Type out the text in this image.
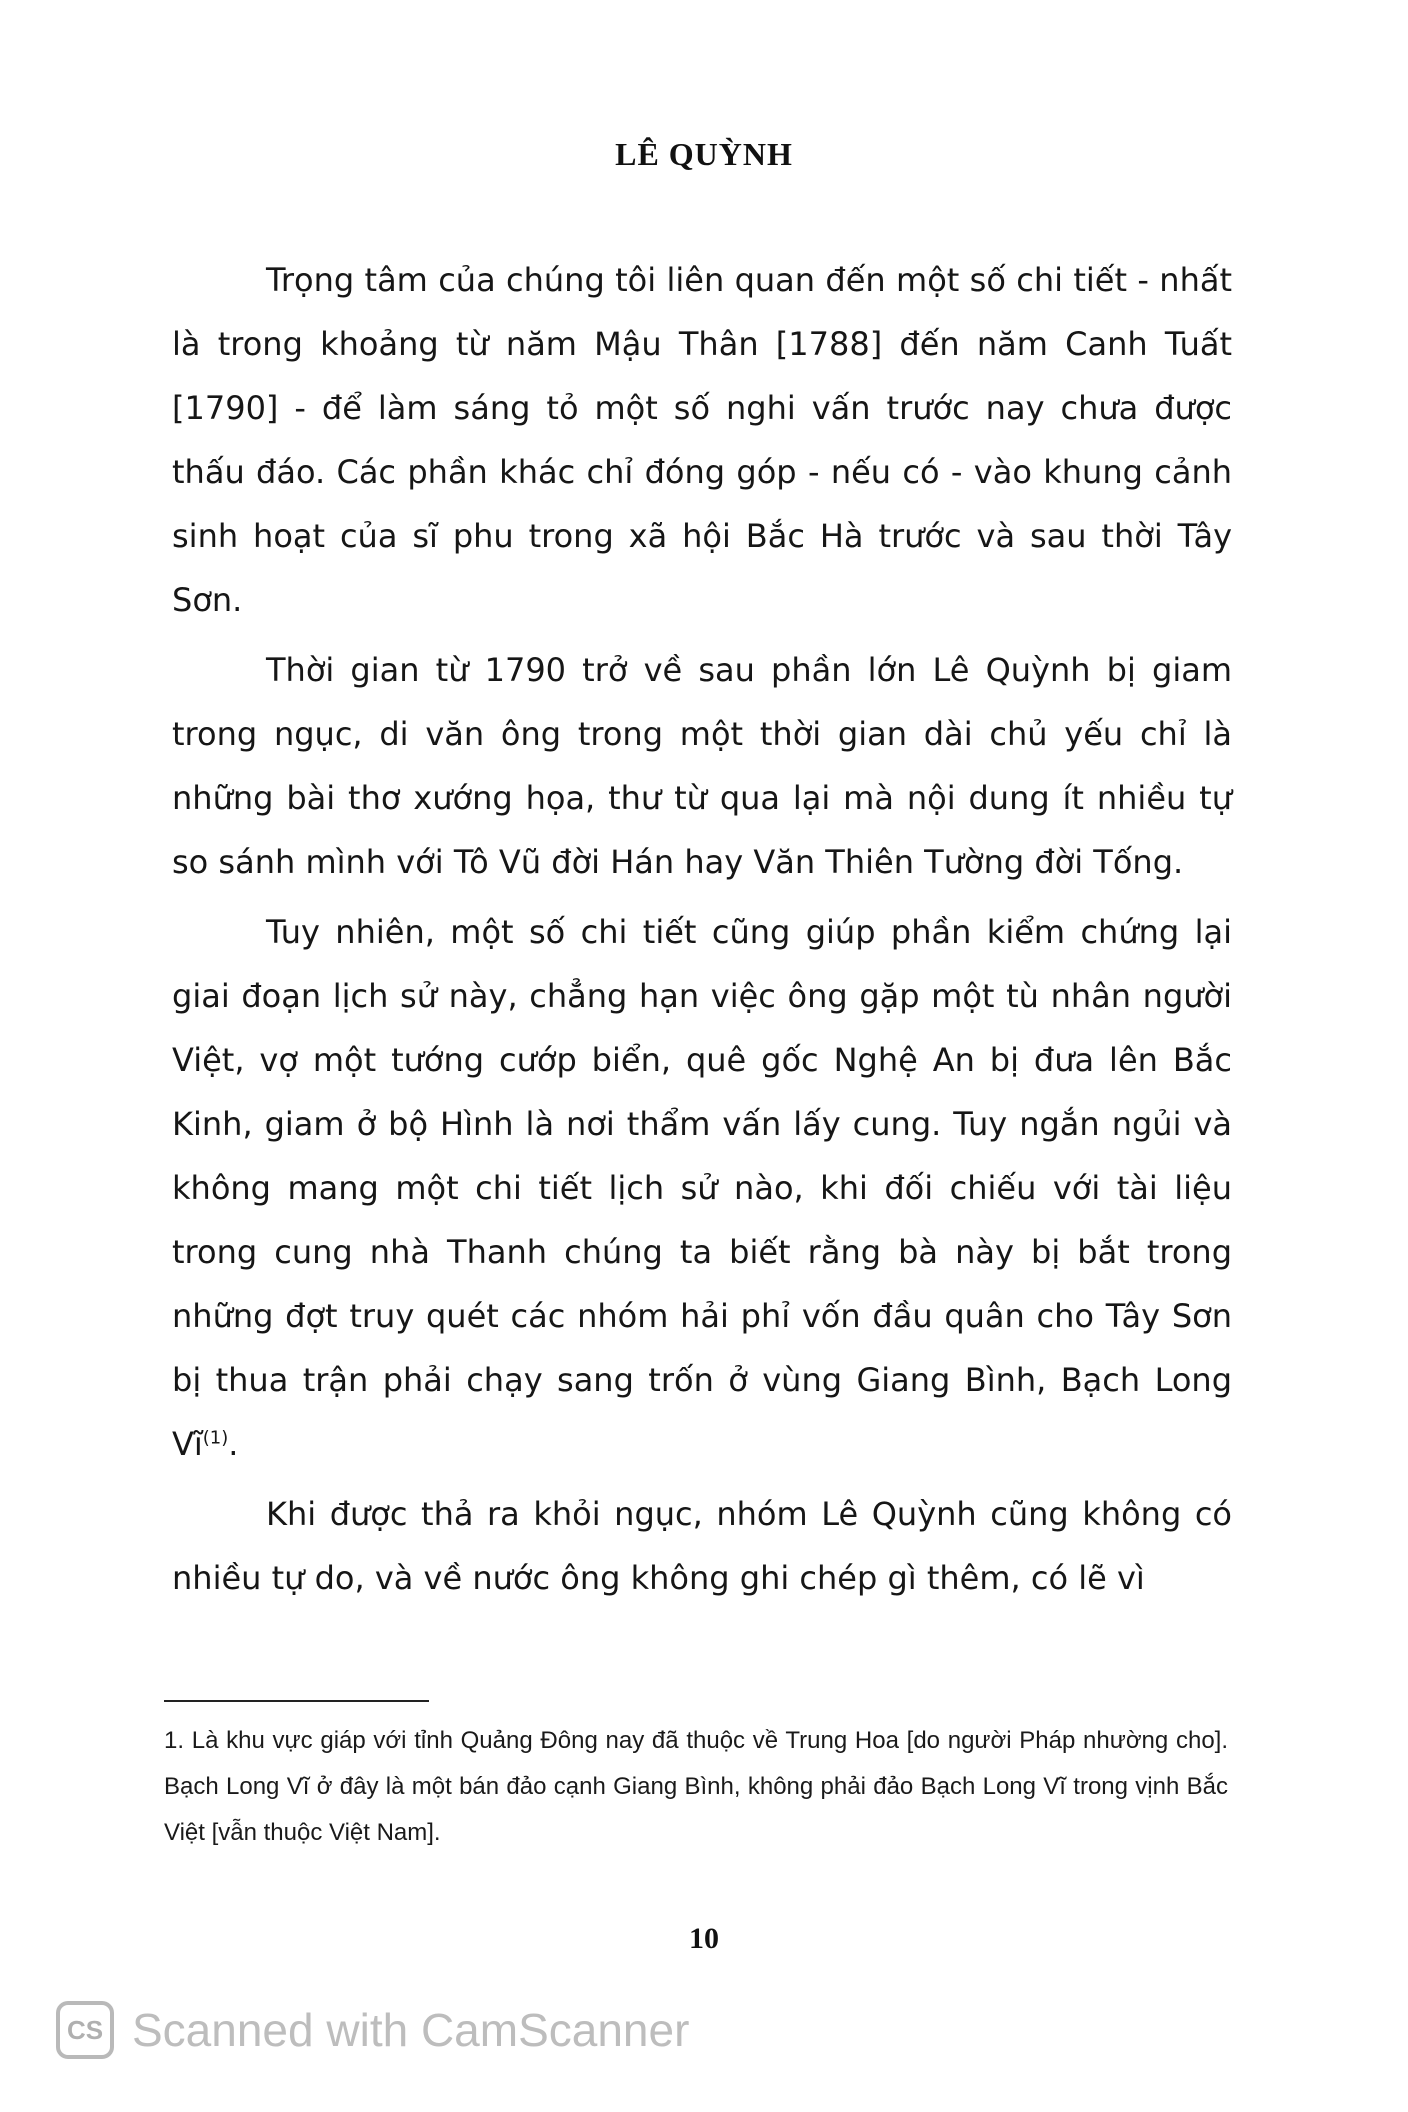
LÊ QUỲNH

Trọng tâm của chúng tôi liên quan đến một số chi tiết - nhất là trong khoảng từ năm Mậu Thân [1788] đến năm Canh Tuất [1790] - để làm sáng tỏ một số nghi vấn trước nay chưa được thấu đáo. Các phần khác chỉ đóng góp - nếu có - vào khung cảnh sinh hoạt của sĩ phu trong xã hội Bắc Hà trước và sau thời Tây Sơn.

Thời gian từ 1790 trở về sau phần lớn Lê Quỳnh bị giam trong ngục, di văn ông trong một thời gian dài chủ yếu chỉ là những bài thơ xướng họa, thư từ qua lại mà nội dung ít nhiều tự so sánh mình với Tô Vũ đời Hán hay Văn Thiên Tường đời Tống.

Tuy nhiên, một số chi tiết cũng giúp phần kiểm chứng lại giai đoạn lịch sử này, chẳng hạn việc ông gặp một tù nhân người Việt, vợ một tướng cướp biển, quê gốc Nghệ An bị đưa lên Bắc Kinh, giam ở bộ Hình là nơi thẩm vấn lấy cung. Tuy ngắn ngủi và không mang một chi tiết lịch sử nào, khi đối chiếu với tài liệu trong cung nhà Thanh chúng ta biết rằng bà này bị bắt trong những đợt truy quét các nhóm hải phỉ vốn đầu quân cho Tây Sơn bị thua trận phải chạy sang trốn ở vùng Giang Bình, Bạch Long $Vĩ^{(1)}$.

Khi được thả ra khỏi ngục, nhóm Lê Quỳnh cũng không có nhiều tự do, và về nước ông không ghi chép gì thêm, có lẽ vì

1. Là khu vực giáp với tỉnh Quảng Đông nay đã thuộc về Trung Hoa [do người Pháp nhường cho]. Bạch Long Vĩ ở đây là một bán đảo cạnh Giang Bình, không phải đảo Bạch Long Vĩ trong vịnh Bắc Việt [vẫn thuộc Việt Nam].
10
CS Scanned with CamScanner
